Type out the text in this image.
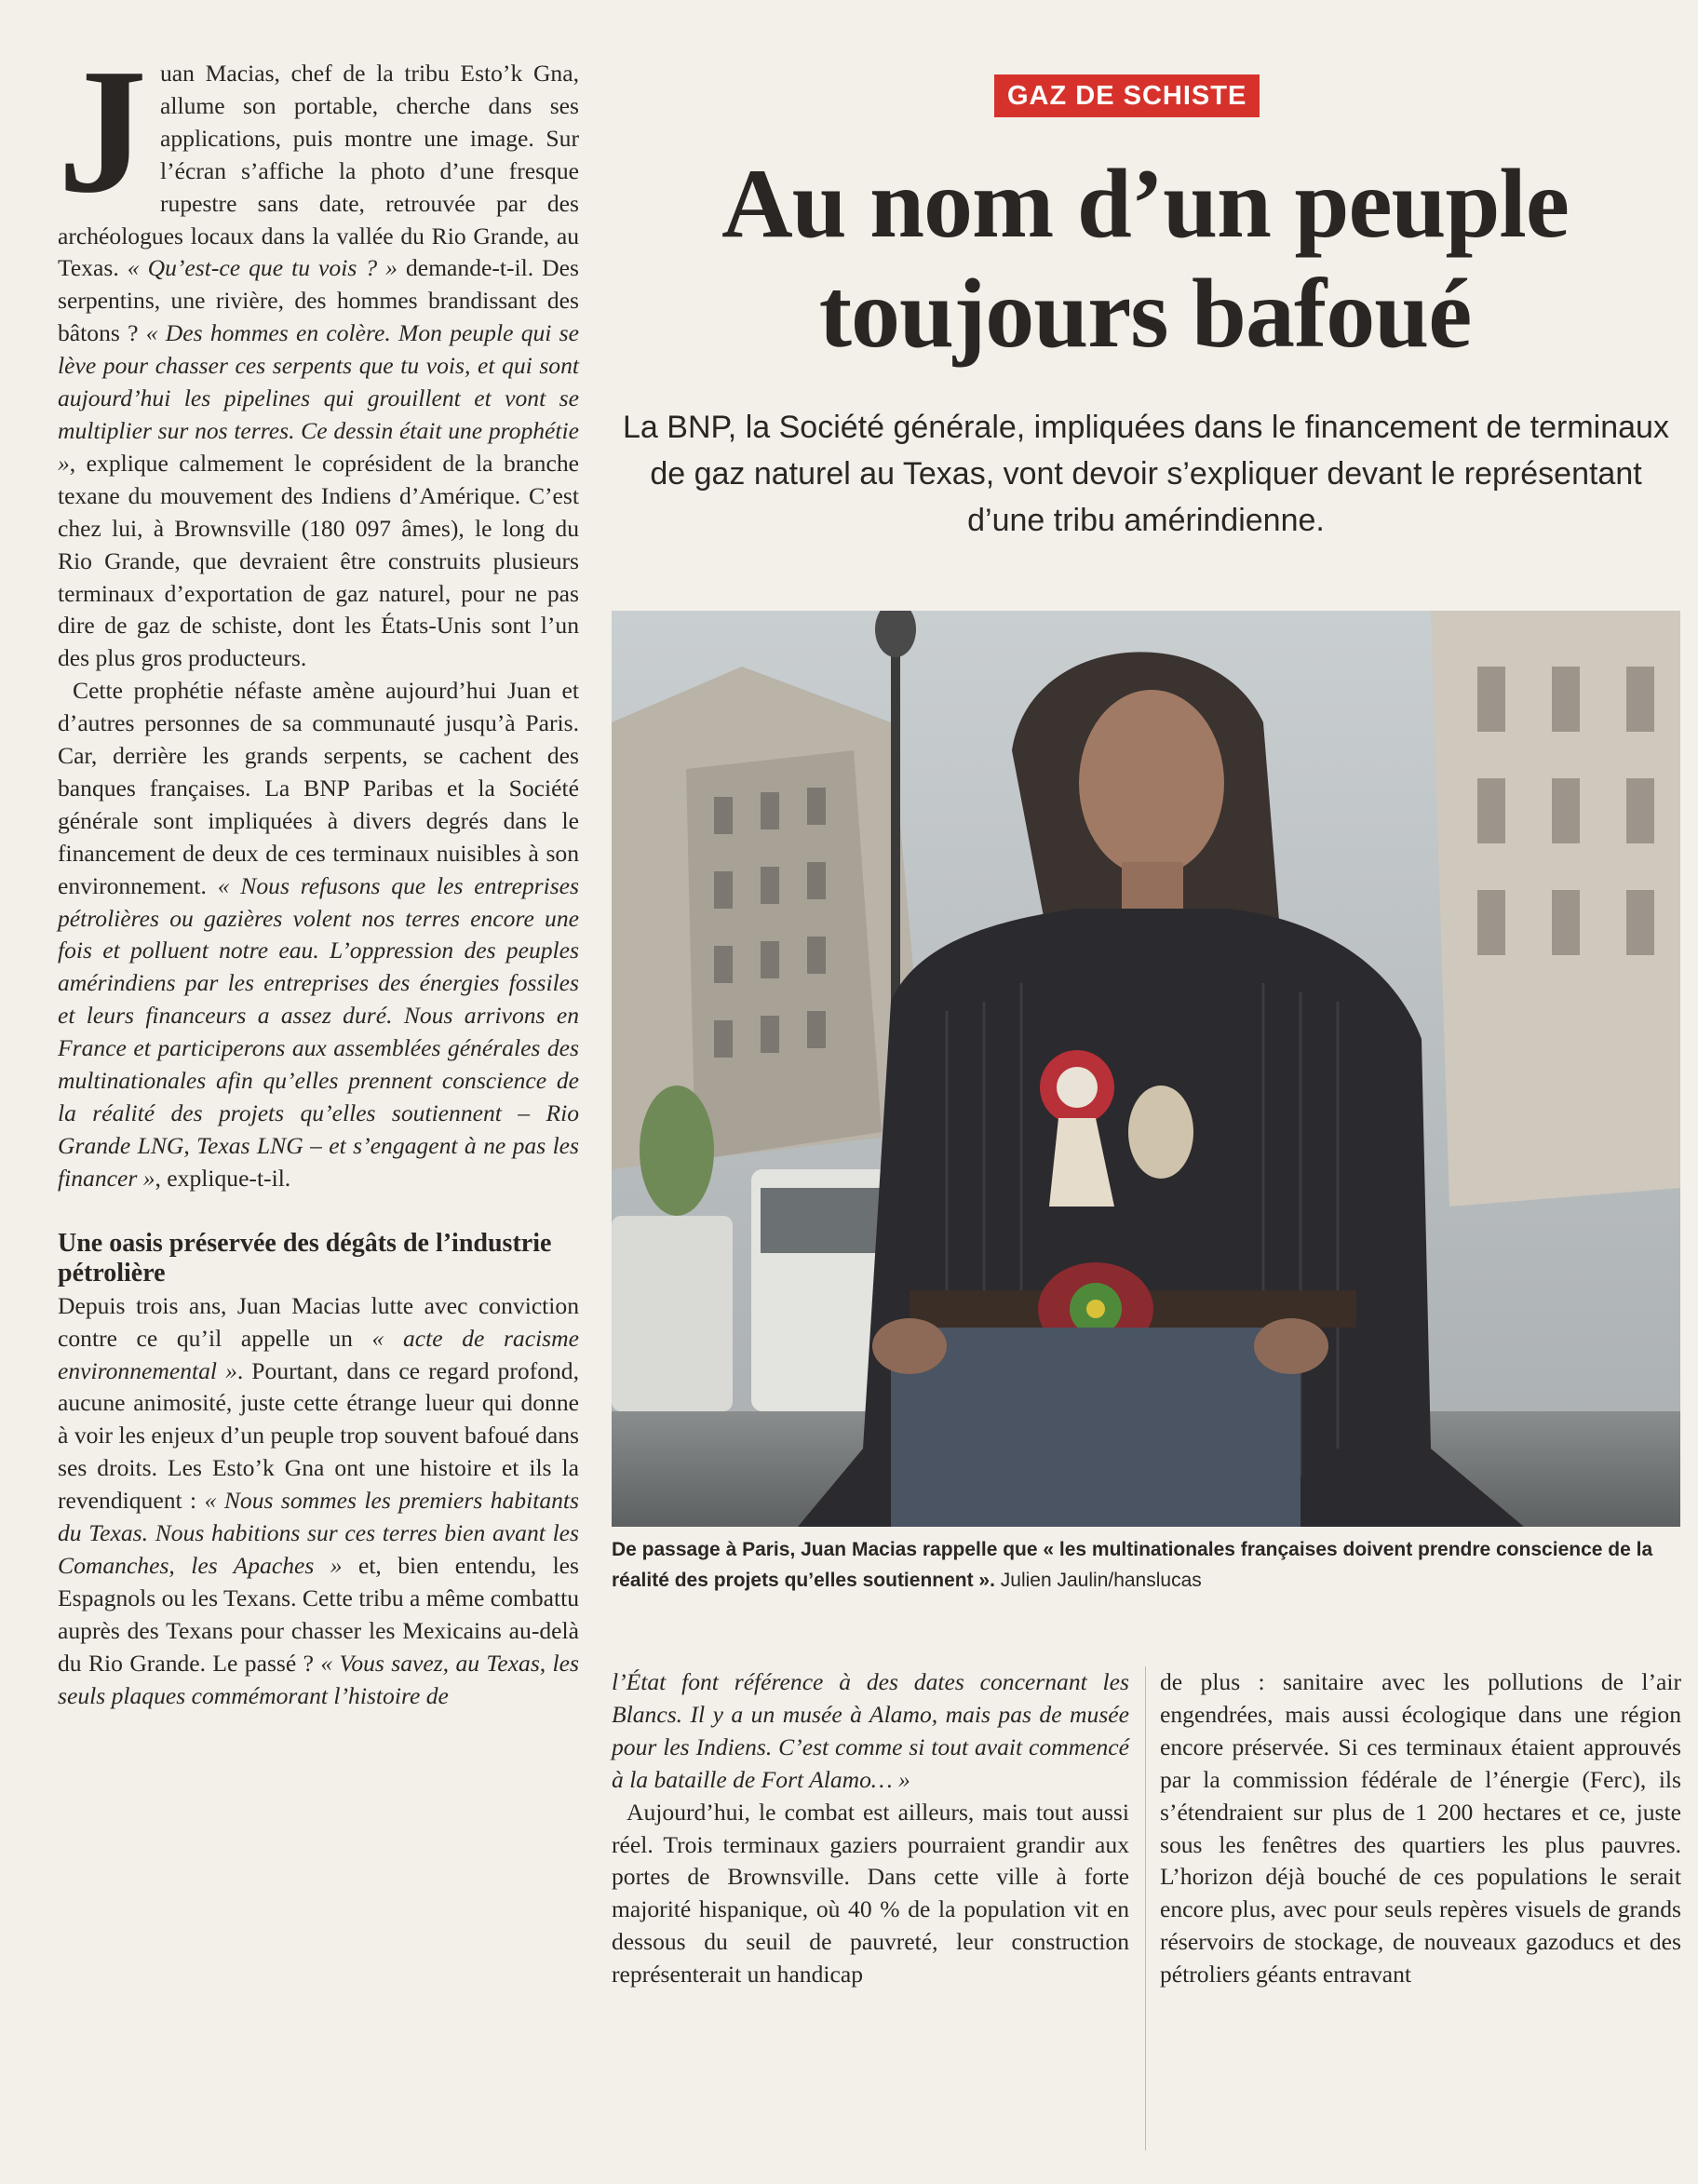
J uan Macias, chef de la tribu Esto’k Gna, allume son portable, cherche dans ses applications, puis montre une image. Sur l’écran s’affiche la photo d’une fresque rupestre sans date, retrouvée par des archéologues locaux dans la vallée du Rio Grande, au Texas. « Qu’est-ce que tu vois ? » demande-t-il. Des serpentins, une rivière, des hommes brandissant des bâtons ? « Des hommes en colère. Mon peuple qui se lève pour chasser ces serpents que tu vois, et qui sont aujourd’hui les pipelines qui grouillent et vont se multiplier sur nos terres. Ce dessin était une prophétie », explique calmement le coprésident de la branche texane du mouvement des Indiens d’Amérique. C’est chez lui, à Brownsville (180 097 âmes), le long du Rio Grande, que devraient être construits plusieurs terminaux d’exportation de gaz naturel, pour ne pas dire de gaz de schiste, dont les États-Unis sont l’un des plus gros producteurs.

Cette prophétie néfaste amène aujourd’hui Juan et d’autres personnes de sa communauté jusqu’à Paris. Car, derrière les grands serpents, se cachent des banques françaises. La BNP Paribas et la Société générale sont impliquées à divers degrés dans le financement de deux de ces terminaux nuisibles à son environnement. « Nous refusons que les entreprises pétrolières ou gazières volent nos terres encore une fois et polluent notre eau. L’oppression des peuples amérindiens par les entreprises des énergies fossiles et leurs financeurs a assez duré. Nous arrivons en France et participerons aux assemblées générales des multinationales afin qu’elles prennent conscience de la réalité des projets qu’elles soutiennent – Rio Grande LNG, Texas LNG – et s’engagent à ne pas les financer », explique-t-il.

Une oasis préservée des dégâts de l’industrie pétrolière

Depuis trois ans, Juan Macias lutte avec conviction contre ce qu’il appelle un « acte de racisme environnemental ». Pourtant, dans ce regard profond, aucune animosité, juste cette étrange lueur qui donne à voir les enjeux d’un peuple trop souvent bafoué dans ses droits. Les Esto’k Gna ont une histoire et ils la revendiquent : « Nous sommes les premiers habitants du Texas. Nous habitions sur ces terres bien avant les Comanches, les Apaches » et, bien entendu, les Espagnols ou les Texans. Cette tribu a même combattu auprès des Texans pour chasser les Mexicains au-delà du Rio Grande. Le passé ? « Vous savez, au Texas, les seuls plaques commémorant l’histoire de

GAZ DE SCHISTE
Au nom d’un peuple toujours bafoué

La BNP, la Société générale, impliquées dans le financement de terminaux de gaz naturel au Texas, vont devoir s’expliquer devant le représentant d’une tribu amérindienne.

De passage à Paris, Juan Macias rappelle que « les multinationales françaises doivent prendre conscience de la réalité des projets qu’elles soutiennent ». Julien Jaulin/hanslucas

l’État font référence à des dates concernant les Blancs. Il y a un musée à Alamo, mais pas de musée pour les Indiens. C’est comme si tout avait commencé à la bataille de Fort Alamo… »

Aujourd’hui, le combat est ailleurs, mais tout aussi réel. Trois terminaux gaziers pourraient grandir aux portes de Brownsville. Dans cette ville à forte majorité hispanique, où 40 % de la population vit en dessous du seuil de pauvreté, leur construction représenterait un handicap

de plus : sanitaire avec les pollutions de l’air engendrées, mais aussi écologique dans une région encore préservée. Si ces terminaux étaient approuvés par la commission fédérale de l’énergie (Ferc), ils s’étendraient sur plus de 1 200 hectares et ce, juste sous les fenêtres des quartiers les plus pauvres. L’horizon déjà bouché de ces populations le serait encore plus, avec pour seuls repères visuels de grands réservoirs de stockage, de nouveaux gazoducs et des pétroliers géants entravant
